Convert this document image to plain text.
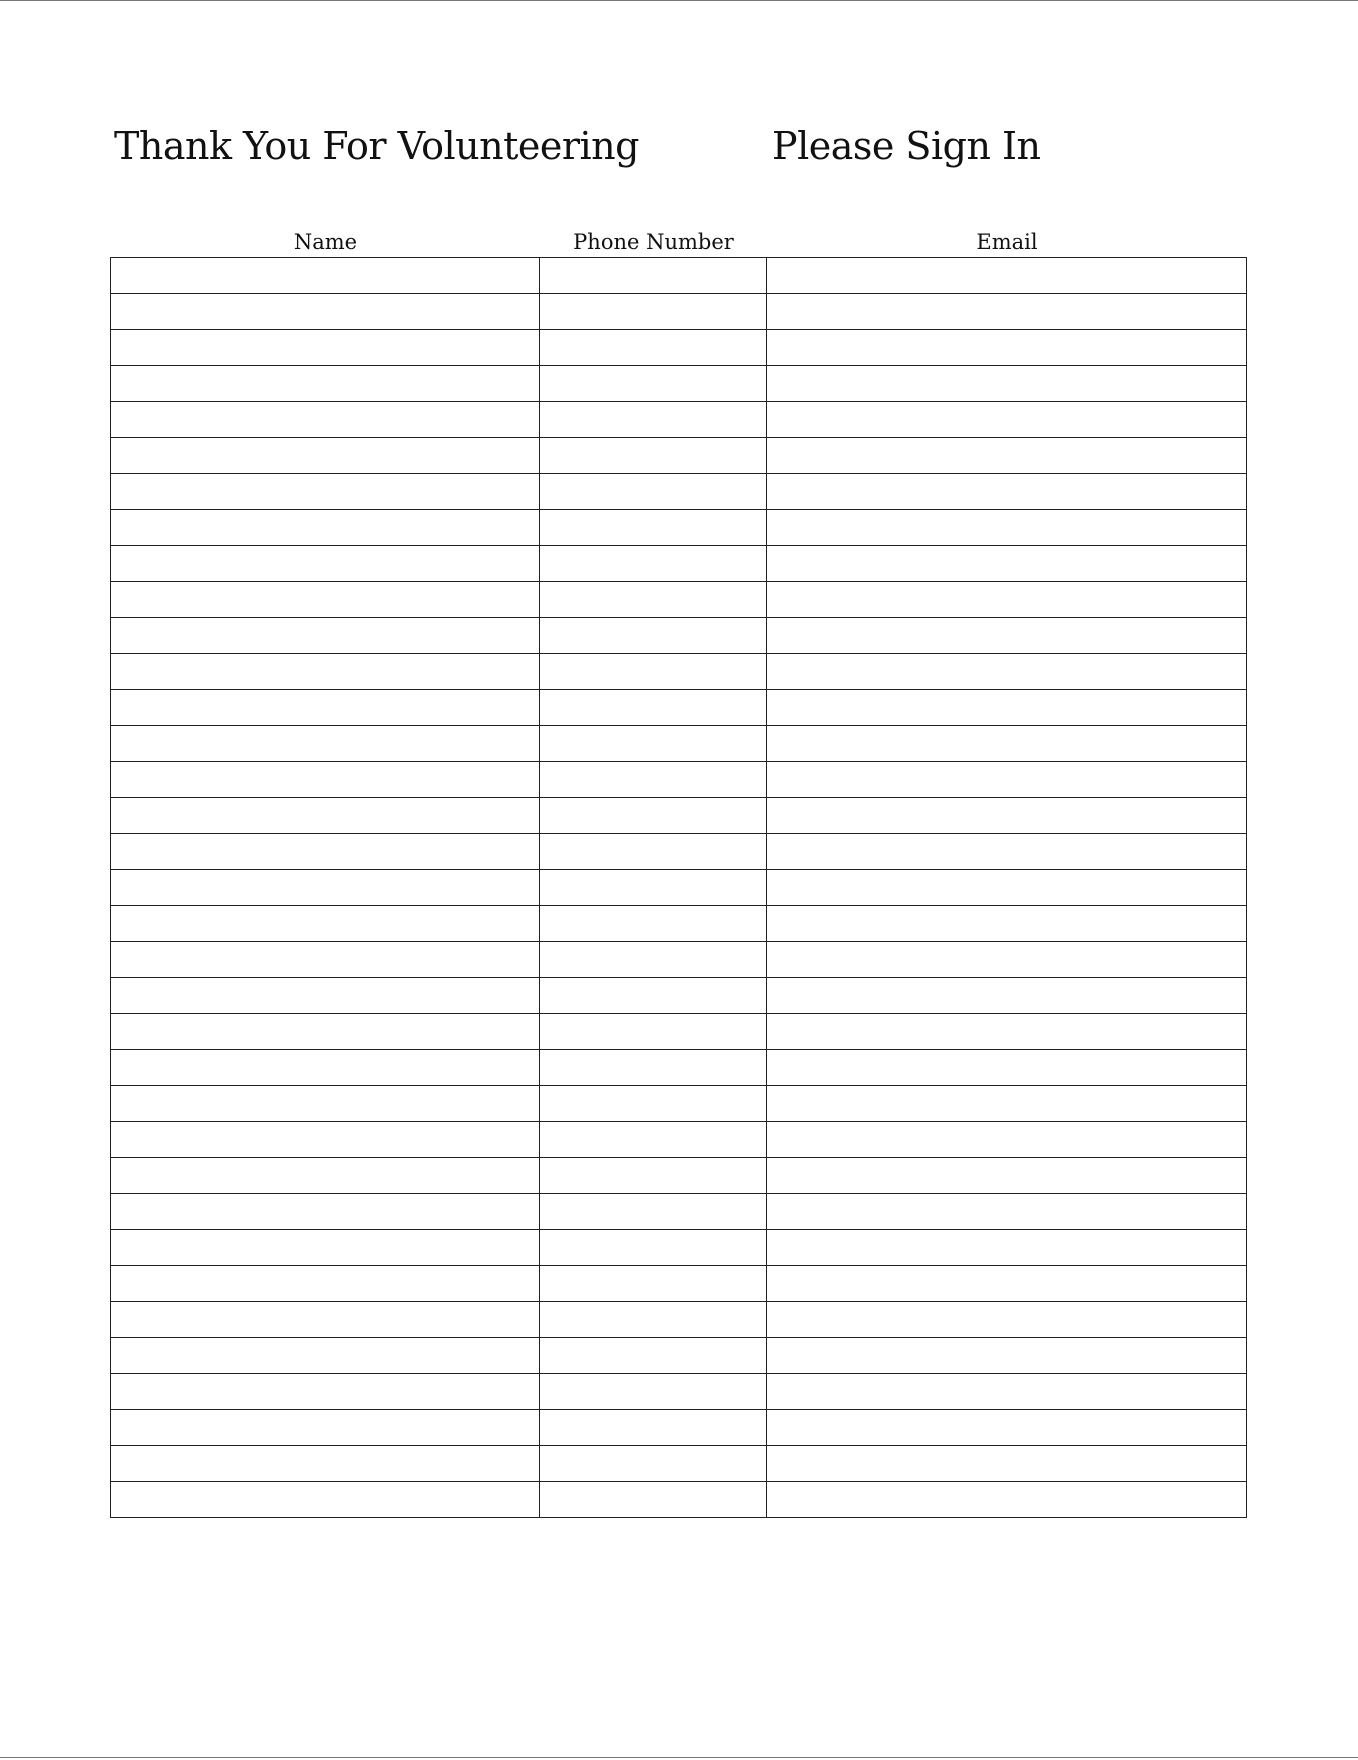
Thank You For Volunteering	Please Sign In
Name	Phone Number	Email
